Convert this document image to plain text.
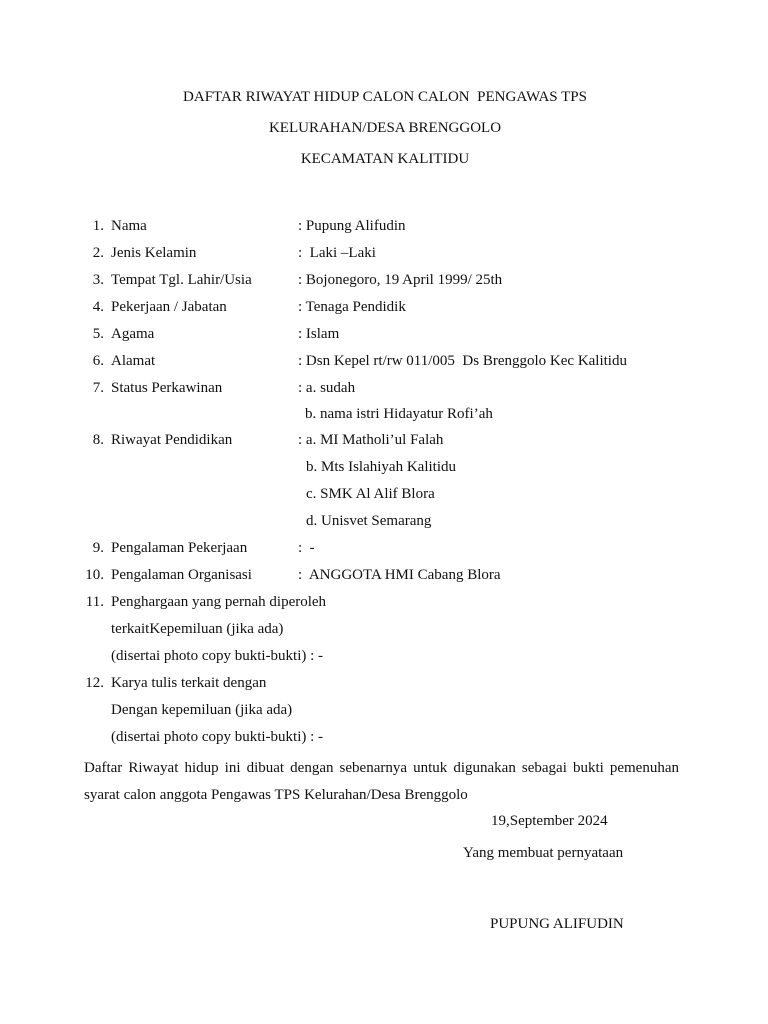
DAFTAR RIWAYAT HIDUP CALON CALON  PENGAWAS TPS
KELURAHAN/DESA BRENGGOLO
KECAMATAN KALITIDU
1. Nama	: Pupung Alifudin
2. Jenis Kelamin	:  Laki –Laki
3. Tempat Tgl. Lahir/Usia	: Bojonegoro, 19 April 1999/ 25th
4. Pekerjaan / Jabatan	: Tenaga Pendidik
5. Agama	: Islam
6. Alamat	: Dsn Kepel rt/rw 011/005  Ds Brenggolo Kec Kalitidu
7. Status Perkawinan	: a. sudah
b. nama istri Hidayatur Rofi’ah
8. Riwayat Pendidikan	: a. MI Matholi’ul Falah
b. Mts Islahiyah Kalitidu
c. SMK Al Alif Blora
d. Unisvet Semarang
9. Pengalaman Pekerjaan	:  -
10. Pengalaman Organisasi	:  ANGGOTA HMI Cabang Blora
11. Penghargaan yang pernah diperoleh
terkaitKepemiluan (jika ada)
(disertai photo copy bukti-bukti) : -
12. Karya tulis terkait dengan
Dengan kepemiluan (jika ada)
(disertai photo copy bukti-bukti) : -
Daftar Riwayat hidup ini dibuat dengan sebenarnya untuk digunakan sebagai bukti pemenuhan syarat calon anggota Pengawas TPS Kelurahan/Desa Brenggolo
19,September 2024
Yang membuat pernyataan
PUPUNG ALIFUDIN
